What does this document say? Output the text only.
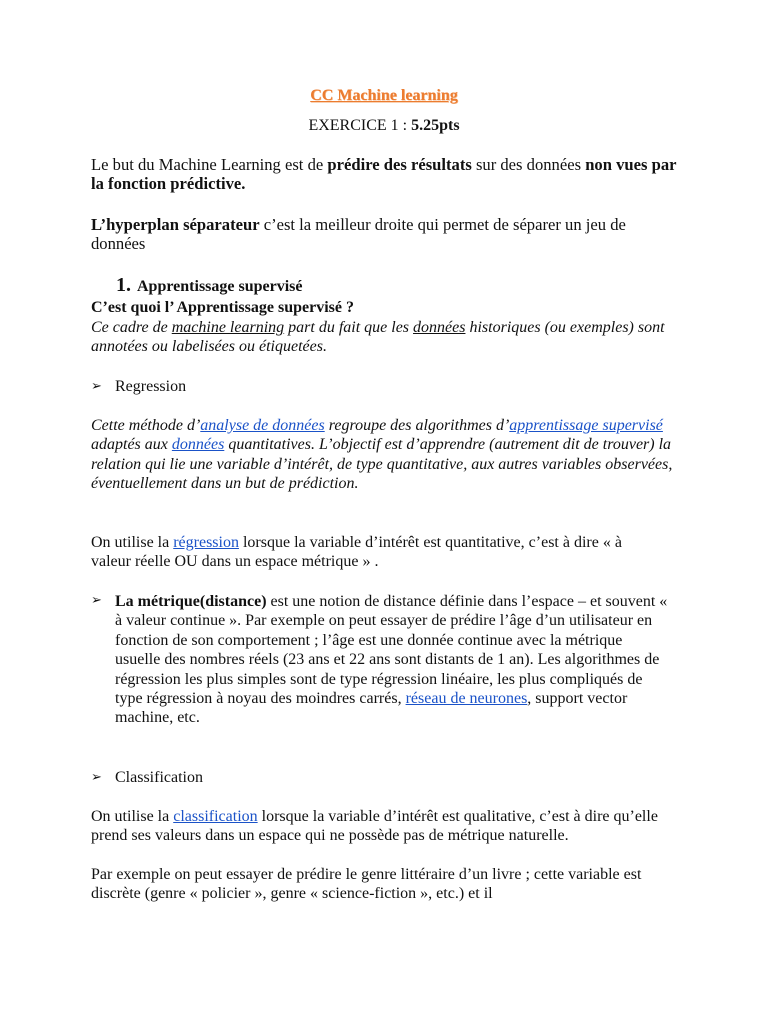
CC Machine learning
EXERCICE 1 : 5.25pts
Le but du Machine Learning est de prédire des résultats sur des données non vues par la fonction prédictive.
L’hyperplan séparateur c’est la meilleur droite qui permet de séparer un jeu de données
1. Apprentissage supervisé
C’est quoi l’ Apprentissage supervisé ?
Ce cadre de machine learning part du fait que les données historiques (ou exemples) sont annotées ou labelisées ou étiquetées.
➢ Regression
Cette méthode d’analyse de données regroupe des algorithmes d’apprentissage supervisé adaptés aux données quantitatives. L’objectif est d’apprendre (autrement dit de trouver) la relation qui lie une variable d’intérêt, de type quantitative, aux autres variables observées, éventuellement dans un but de prédiction.
On utilise la régression lorsque la variable d’intérêt est quantitative, c’est à dire « à valeur réelle OU dans un espace métrique » .
➢ La métrique(distance) est une notion de distance définie dans l’espace – et souvent « à valeur continue ». Par exemple on peut essayer de prédire l’âge d’un utilisateur en fonction de son comportement ; l’âge est une donnée continue avec la métrique usuelle des nombres réels (23 ans et 22 ans sont distants de 1 an). Les algorithmes de régression les plus simples sont de type régression linéaire, les plus compliqués de type régression à noyau des moindres carrés, réseau de neurones, support vector machine, etc.
➢ Classification
On utilise la classification lorsque la variable d’intérêt est qualitative, c’est à dire qu’elle prend ses valeurs dans un espace qui ne possède pas de métrique naturelle.
Par exemple on peut essayer de prédire le genre littéraire d’un livre ; cette variable est discrète (genre « policier », genre « science-fiction », etc.) et il
